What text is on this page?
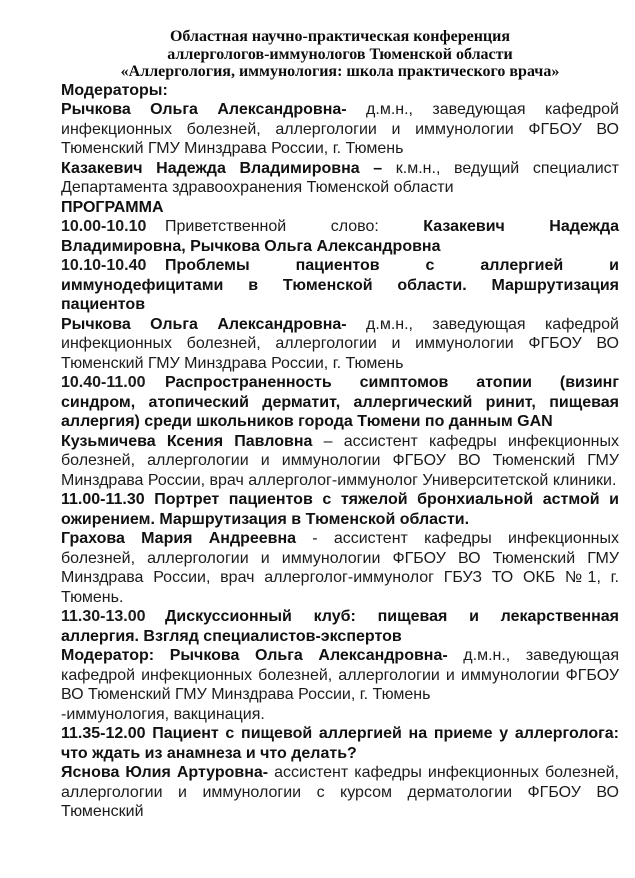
Областная научно-практическая конференция
аллергологов-иммунологов Тюменской области
«Аллергология, иммунология: школа практического врача»

Модераторы:

Рычкова Ольга Александровна- д.м.н., заведующая кафедрой инфекционных болезней, аллергологии и иммунологии ФГБОУ ВО Тюменский ГМУ Минздрава России, г. Тюмень

Казакевич Надежда Владимировна – к.м.н., ведущий специалист Департамента здравоохранения Тюменской области

ПРОГРАММА

10.00-10.10 Приветственной слово:	Казакевич Надежда Владимировна, Рычкова Ольга Александровна

10.10-10.40 Проблемы пациентов с аллергией и иммунодефицитами в Тюменской области. Маршрутизация пациентов

Рычкова Ольга Александровна- д.м.н., заведующая кафедрой инфекционных болезней, аллергологии и иммунологии ФГБОУ ВО Тюменский ГМУ Минздрава России, г. Тюмень

10.40-11.00 Распространенность симптомов атопии (визинг синдром, атопический дерматит, аллергический ринит, пищевая аллергия) среди школьников города Тюмени по данным GAN

Кузьмичева Ксения Павловна – ассистент кафедры инфекционных болезней, аллергологии и иммунологии ФГБОУ ВО Тюменский ГМУ Минздрава России, врач аллерголог-иммунолог Университетской клиники.

11.00-11.30 Портрет пациентов с тяжелой бронхиальной астмой и ожирением. Маршрутизация в Тюменской области.

Грахова Мария Андреевна - ассистент кафедры инфекционных болезней, аллергологии и иммунологии ФГБОУ ВО Тюменский ГМУ Минздрава России, врач аллерголог-иммунолог ГБУЗ ТО ОКБ №1, г. Тюмень.

11.30-13.00 Дискуссионный клуб: пищевая и лекарственная аллергия. Взгляд специалистов-экспертов

Модератор: Рычкова Ольга Александровна- д.м.н., заведующая кафедрой инфекционных болезней, аллергологии и иммунологии ФГБОУ ВО Тюменский ГМУ Минздрава России, г. Тюмень

-иммунология, вакцинация.

11.35-12.00 Пациент с пищевой аллергией на приеме у аллерголога: что ждать из анамнеза и что делать?

Яснова Юлия Артуровна- ассистент кафедры инфекционных болезней, аллергологии и иммунологии с курсом дерматологии ФГБОУ ВО Тюменский
